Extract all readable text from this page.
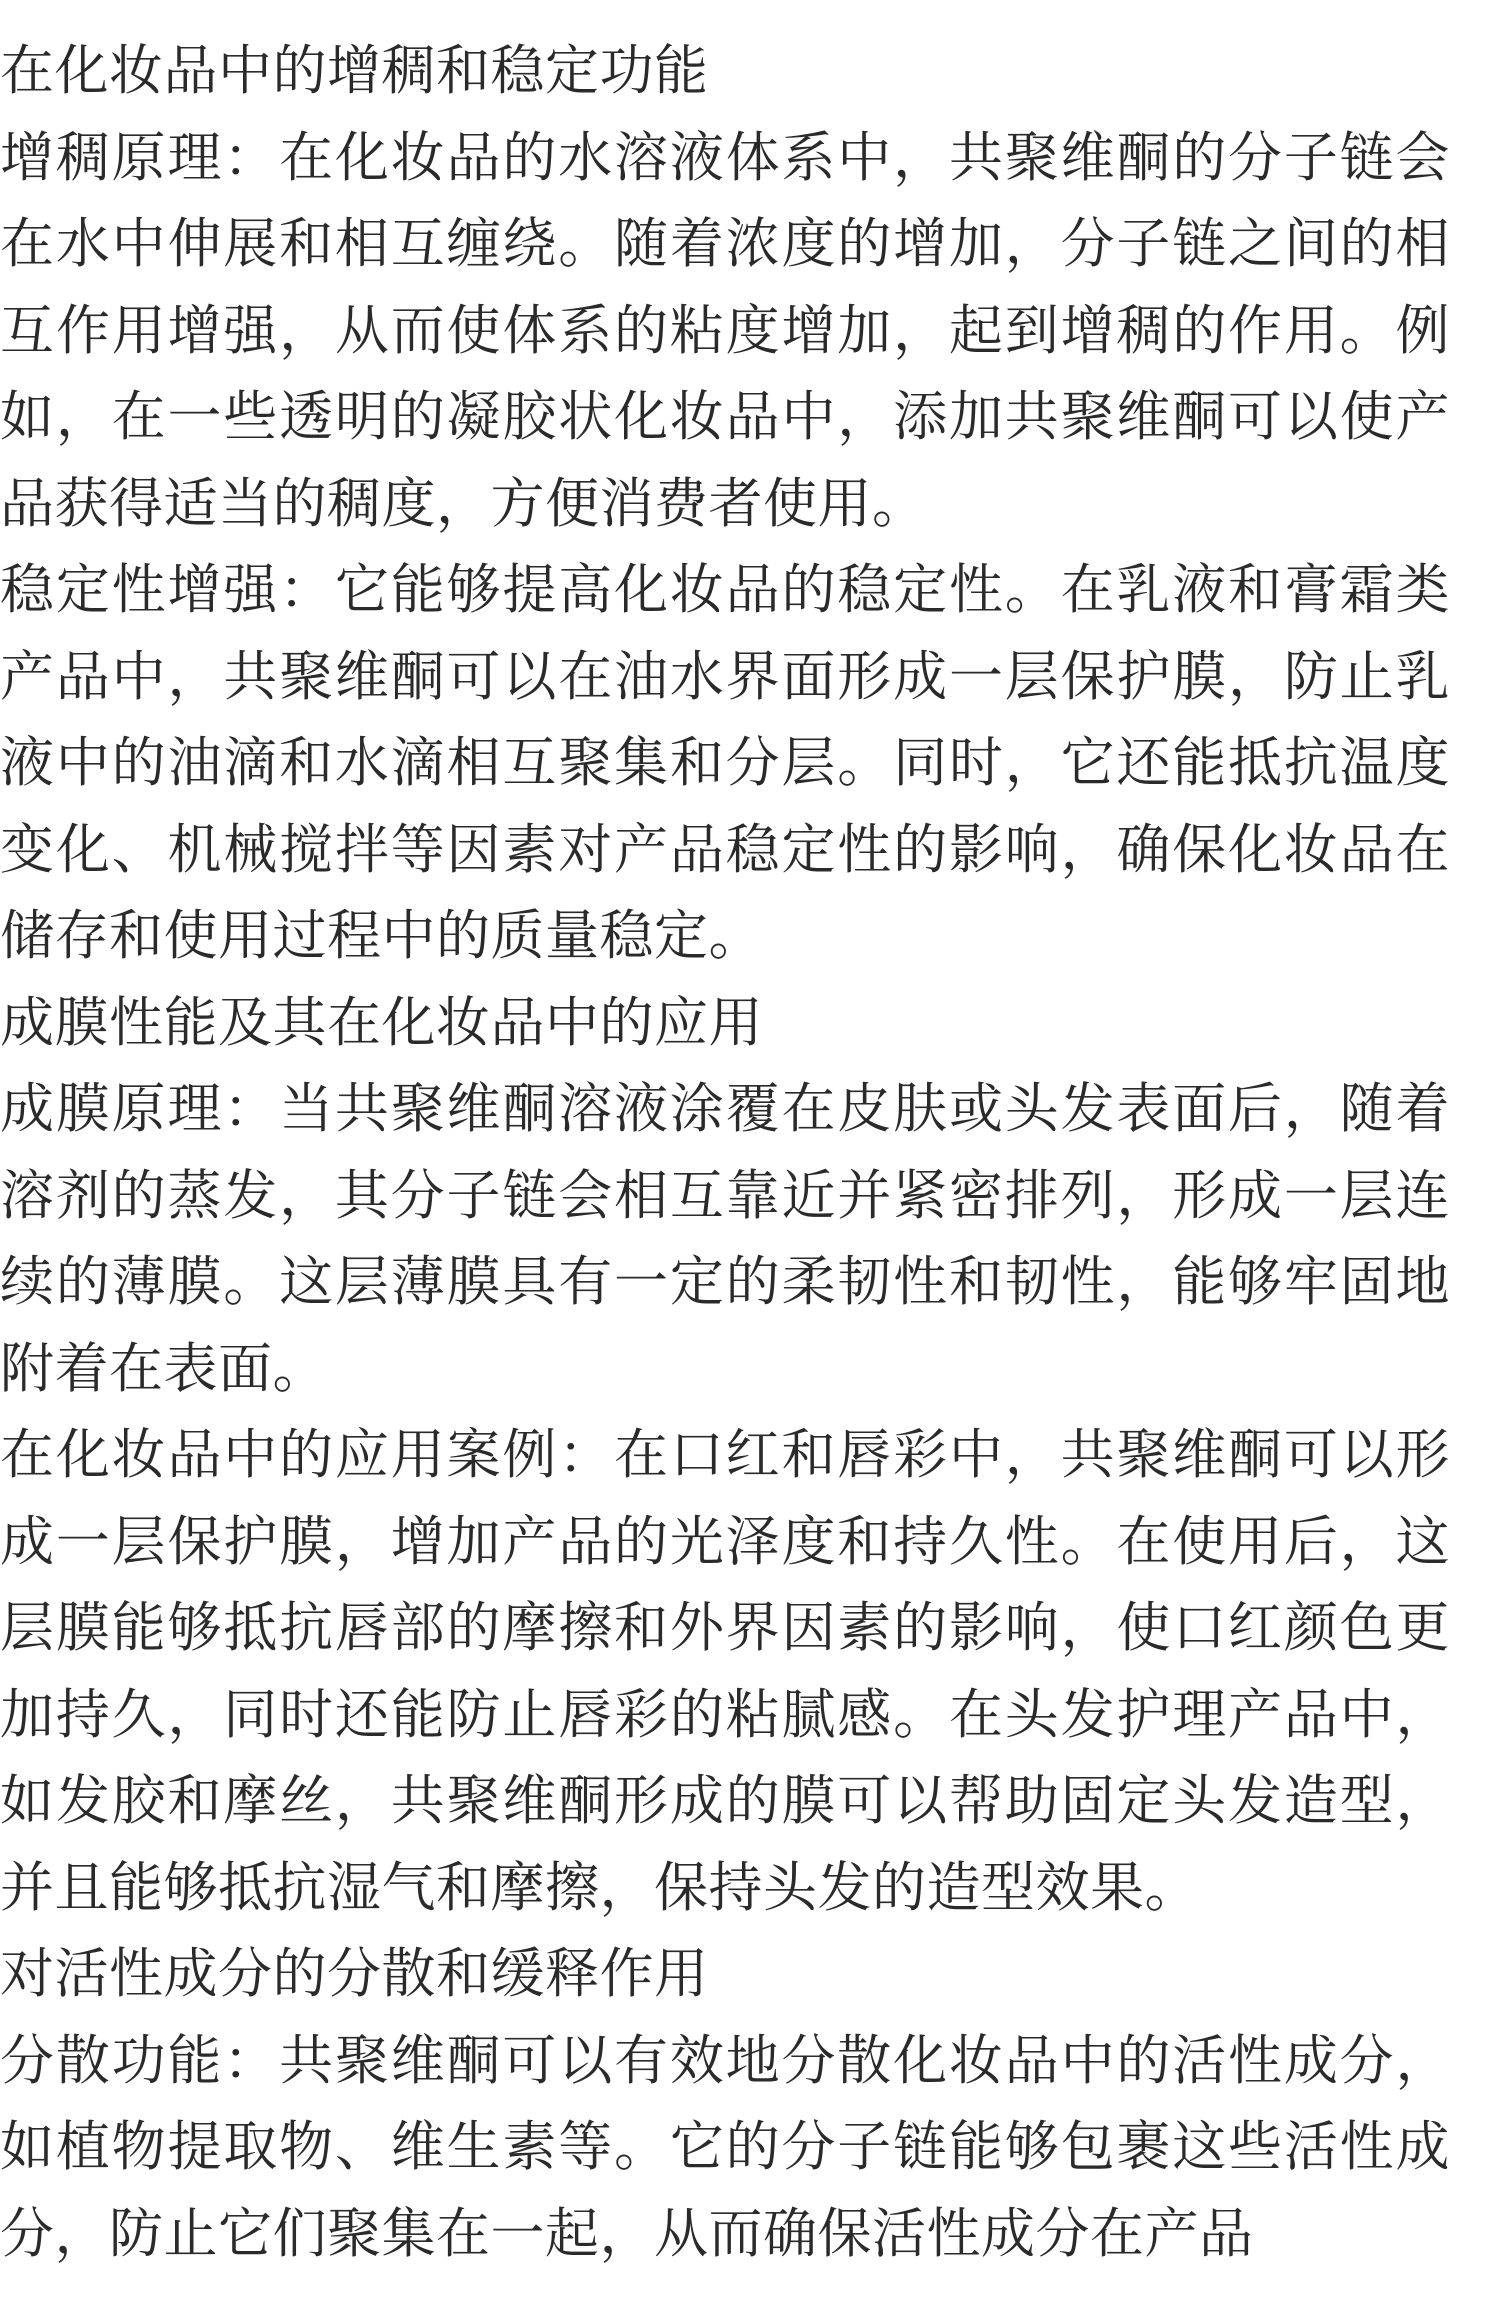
在化妆品中的增稠和稳定功能

增稠原理：在化妆品的水溶液体系中，共聚维酮的分子链会在水中伸展和相互缠绕。随着浓度的增加，分子链之间的相互作用增强，从而使体系的粘度增加，起到增稠的作用。例如，在一些透明的凝胶状化妆品中，添加共聚维酮可以使产品获得适当的稠度，方便消费者使用。

稳定性增强：它能够提高化妆品的稳定性。在乳液和膏霜类产品中，共聚维酮可以在油水界面形成一层保护膜，防止乳液中的油滴和水滴相互聚集和分层。同时，它还能抵抗温度变化、机械搅拌等因素对产品稳定性的影响，确保化妆品在储存和使用过程中的质量稳定。

成膜性能及其在化妆品中的应用

成膜原理：当共聚维酮溶液涂覆在皮肤或头发表面后，随着溶剂的蒸发，其分子链会相互靠近并紧密排列，形成一层连续的薄膜。这层薄膜具有一定的柔韧性和韧性，能够牢固地附着在表面。

在化妆品中的应用案例：在口红和唇彩中，共聚维酮可以形成一层保护膜，增加产品的光泽度和持久性。在使用后，这层膜能够抵抗唇部的摩擦和外界因素的影响，使口红颜色更加持久，同时还能防止唇彩的粘腻感。在头发护理产品中，如发胶和摩丝，共聚维酮形成的膜可以帮助固定头发造型，并且能够抵抗湿气和摩擦，保持头发的造型效果。

对活性成分的分散和缓释作用

分散功能：共聚维酮可以有效地分散化妆品中的活性成分，如植物提取物、维生素等。它的分子链能够包裹这些活性成分，防止它们聚集在一起，从而确保活性成分在产品
